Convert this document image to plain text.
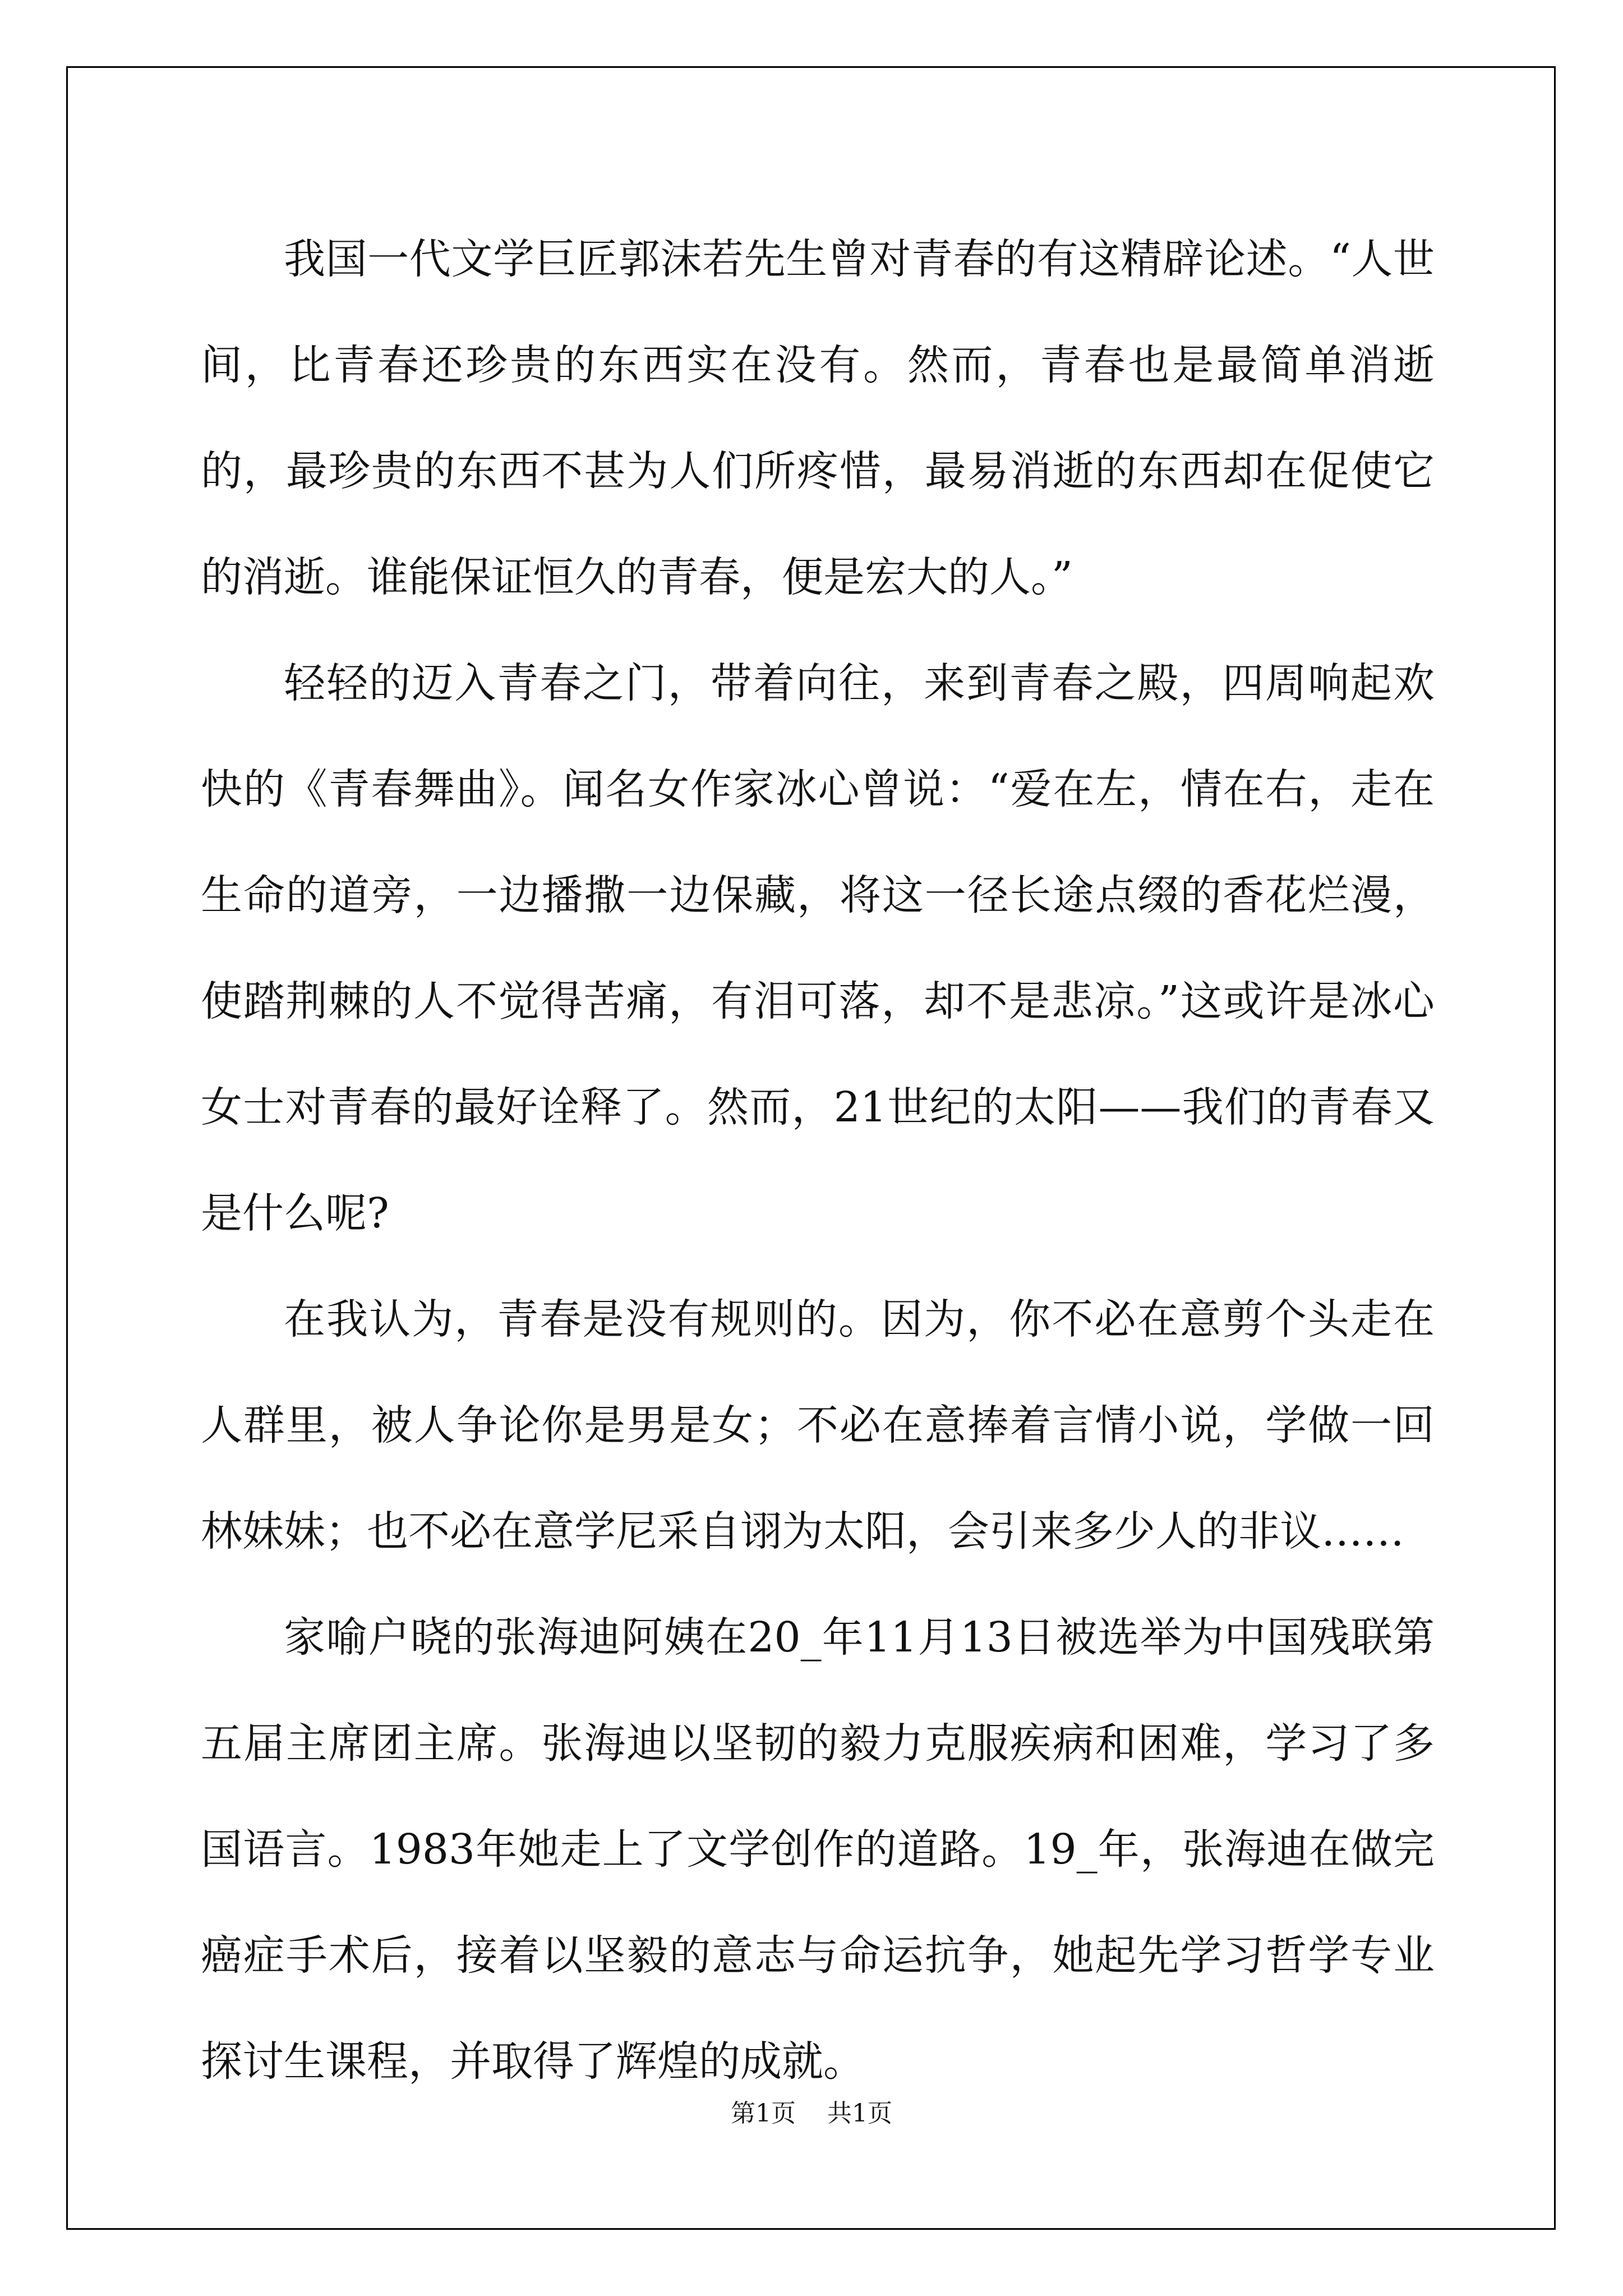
我国一代文学巨匠郭沫若先生曾对青春的有这精辟论述。“人世间，比青春还珍贵的东西实在没有。然而，青春也是最简单消逝的，最珍贵的东西不甚为人们所疼惜，最易消逝的东西却在促使它的消逝。谁能保证恒久的青春，便是宏大的人。”

轻轻的迈入青春之门，带着向往，来到青春之殿，四周响起欢快的《青春舞曲》。闻名女作家冰心曾说：“爱在左，情在右，走在生命的道旁，一边播撒一边保藏，将这一径长途点缀的香花烂漫，使踏荆棘的人不觉得苦痛，有泪可落，却不是悲凉。”这或许是冰心女士对青春的最好诠释了。然而，21世纪的太阳——我们的青春又是什么呢?

在我认为，青春是没有规则的。因为，你不必在意剪个头走在人群里，被人争论你是男是女；不必在意捧着言情小说，学做一回林妹妹；也不必在意学尼采自诩为太阳，会引来多少人的非议……

家喻户晓的张海迪阿姨在20_年11月13日被选举为中国残联第五届主席团主席。张海迪以坚韧的毅力克服疾病和困难，学习了多国语言。1983年她走上了文学创作的道路。19_年，张海迪在做完癌症手术后，接着以坚毅的意志与命运抗争，她起先学习哲学专业探讨生课程，并取得了辉煌的成就。

第1页 共1页
